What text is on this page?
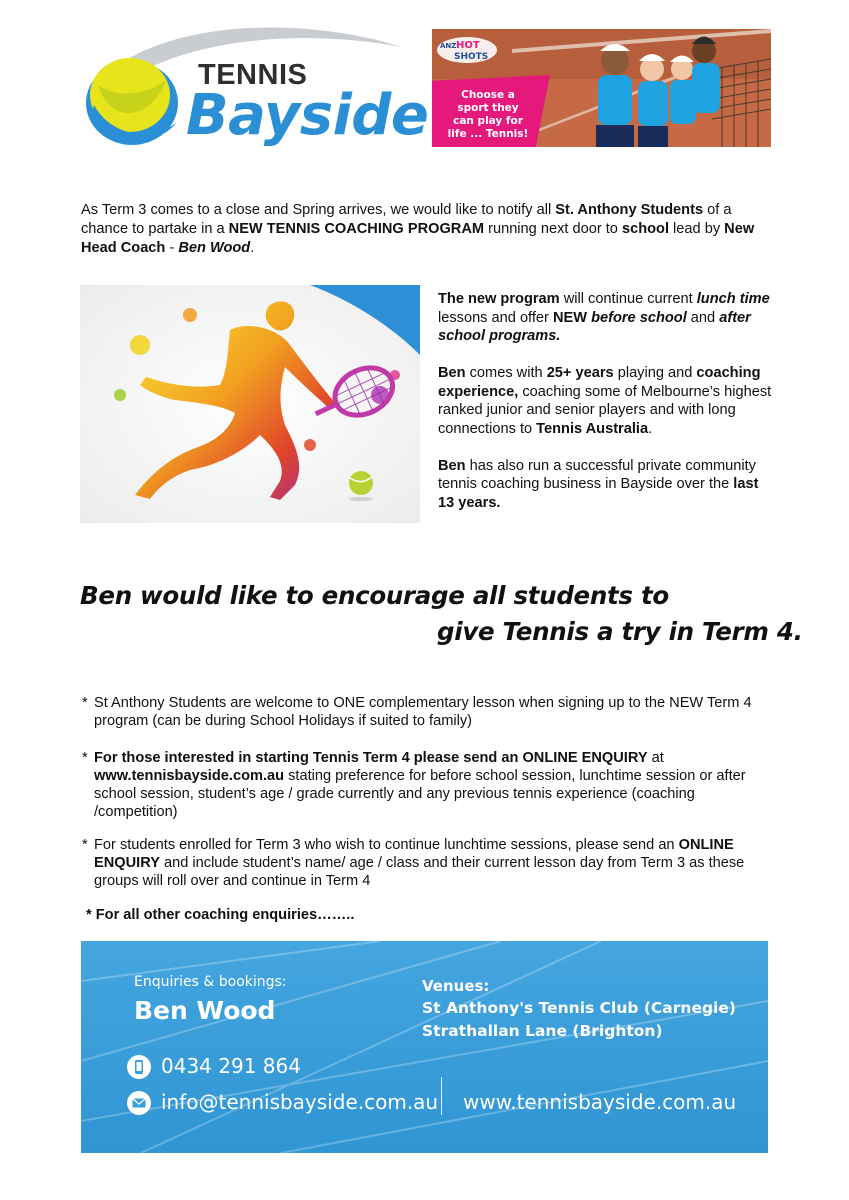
TENNIS
Bayside
ANZ HOT
SHOTS
Choose a
sport they
can play for
life ... Tennis!

As Term 3 comes to a close and Spring arrives, we would like to notify all St. Anthony Students of a chance to partake in a NEW TENNIS COACHING PROGRAM running next door to school lead by New Head Coach - Ben Wood.

The new program will continue current lunch time lessons and offer NEW before school and after school programs.

Ben comes with 25+ years playing and coaching experience, coaching some of Melbourne’s highest ranked junior and senior players and with long connections to Tennis Australia.

Ben has also run a successful private community tennis coaching business in Bayside over the last 13 years.

Ben would like to encourage all students to
give Tennis a try in Term 4.
* St Anthony Students are welcome to ONE complementary lesson when signing up to the NEW Term 4 program (can be during School Holidays if suited to family)
* For those interested in starting Tennis Term 4 please send an ONLINE ENQUIRY at www.tennisbayside.com.au stating preference for before school session, lunchtime session or after school session, student’s age / grade currently and any previous tennis experience (coaching /competition)
* For students enrolled for Term 3 who wish to continue lunchtime sessions, please send an ONLINE ENQUIRY and include student’s name/ age / class and their current lesson day from Term 3 as these groups will roll over and continue in Term 4
* For all other coaching enquiries……..
Enquiries & bookings:
Ben Wood
Venues:
St Anthony's Tennis Club (Carnegie)
Strathallan Lane (Brighton)
0434 291 864
info@tennisbayside.com.au www.tennisbayside.com.au
